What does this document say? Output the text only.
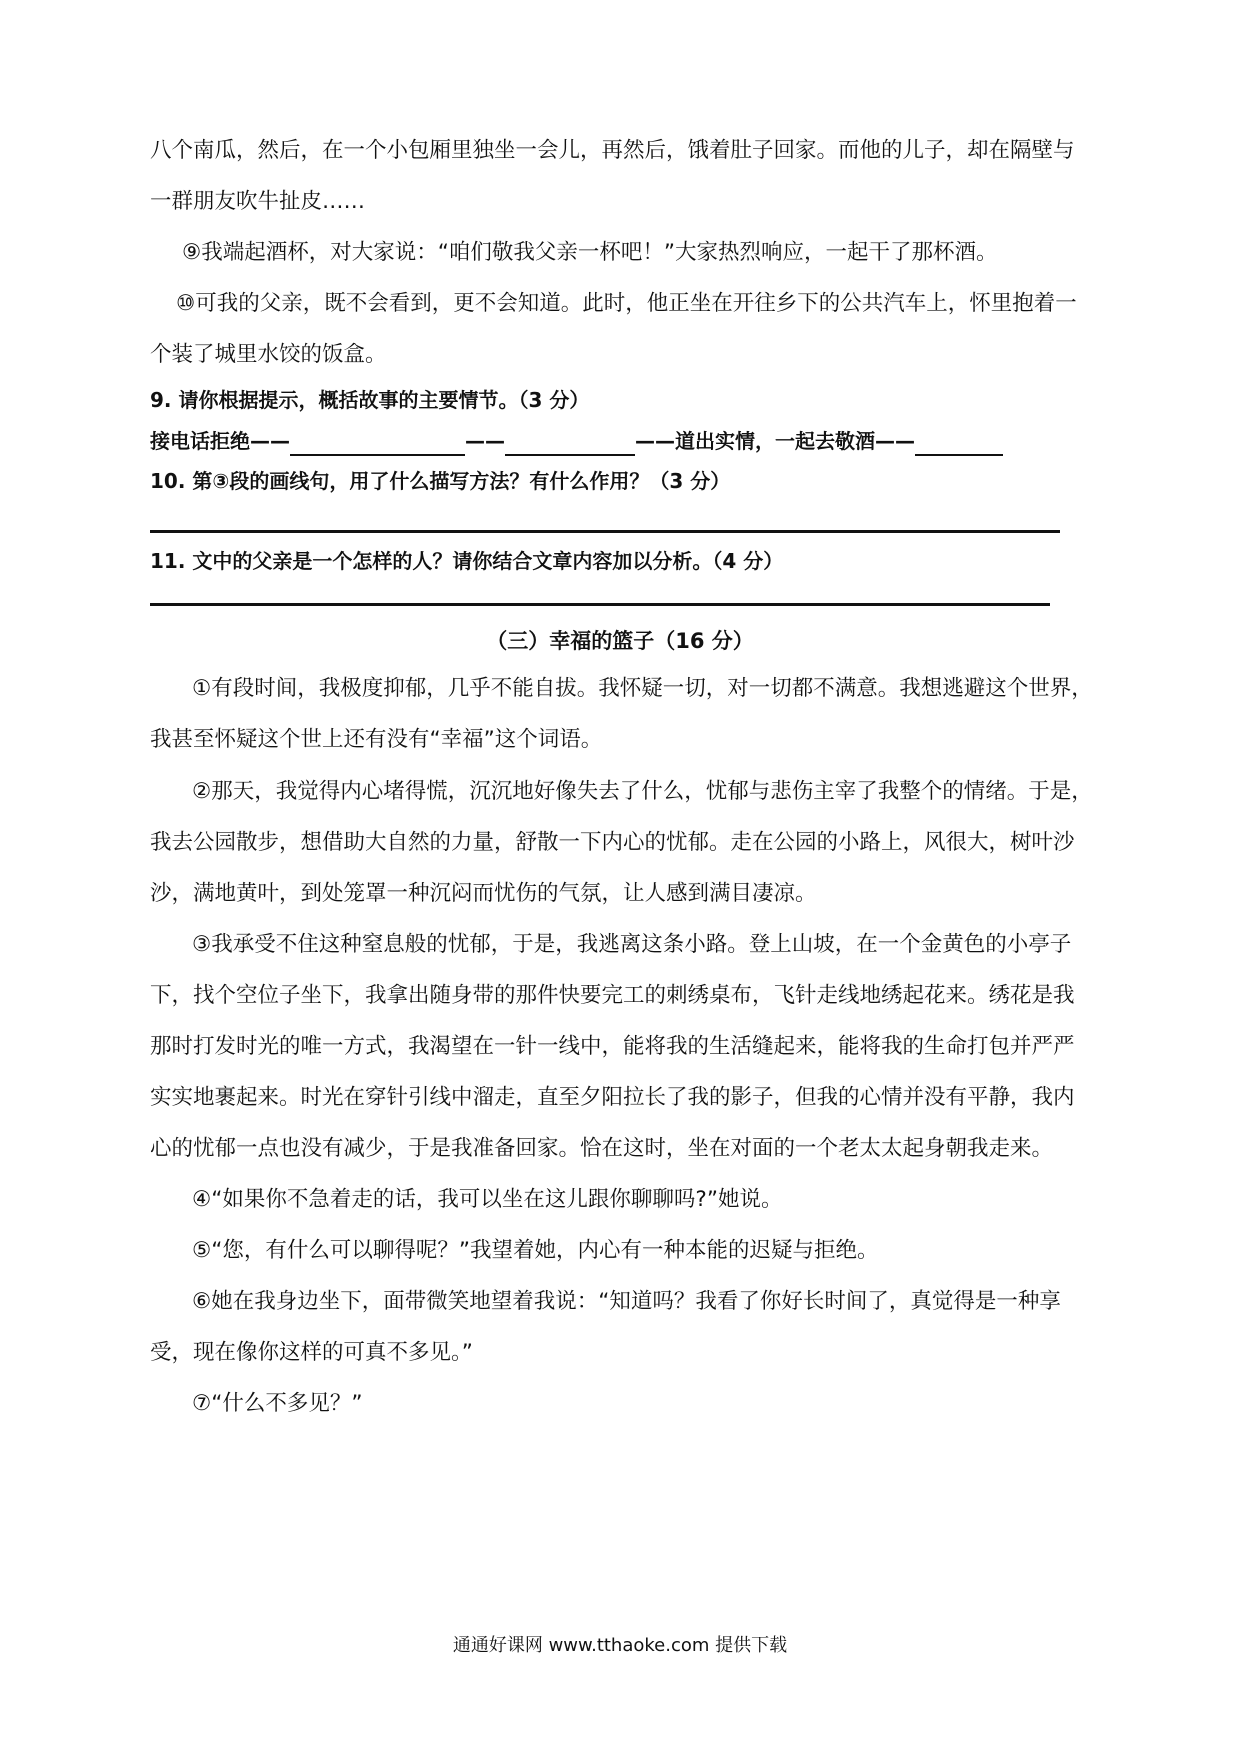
八个南瓜，然后，在一个小包厢里独坐一会儿，再然后，饿着肚子回家。而他的儿子，却在隔壁与
一群朋友吹牛扯皮……
⑨我端起酒杯，对大家说：“咱们敬我父亲一杯吧！”大家热烈响应，一起干了那杯酒。
⑩可我的父亲，既不会看到，更不会知道。此时，他正坐在开往乡下的公共汽车上，怀里抱着一
个装了城里水饺的饭盒。
9. 请你根据提示，概括故事的主要情节。（3 分）
接电话拒绝——	——	——道出实情，一起去敬酒——
10. 第③段的画线句，用了什么描写方法？有什么作用？（3 分）
11. 文中的父亲是一个怎样的人？请你结合文章内容加以分析。（4 分）
（三）幸福的篮子（16 分）
①有段时间，我极度抑郁，几乎不能自拔。我怀疑一切，对一切都不满意。我想逃避这个世界，
我甚至怀疑这个世上还有没有“幸福”这个词语。
②那天，我觉得内心堵得慌，沉沉地好像失去了什么，忧郁与悲伤主宰了我整个的情绪。于是，
我去公园散步，想借助大自然的力量，舒散一下内心的忧郁。走在公园的小路上，风很大，树叶沙
沙，满地黄叶，到处笼罩一种沉闷而忧伤的气氛，让人感到满目凄凉。
③我承受不住这种窒息般的忧郁，于是，我逃离这条小路。登上山坡，在一个金黄色的小亭子
下，找个空位子坐下，我拿出随身带的那件快要完工的刺绣桌布，飞针走线地绣起花来。绣花是我
那时打发时光的唯一方式，我渴望在一针一线中，能将我的生活缝起来，能将我的生命打包并严严
实实地裹起来。时光在穿针引线中溜走，直至夕阳拉长了我的影子，但我的心情并没有平静，我内
心的忧郁一点也没有减少，于是我准备回家。恰在这时，坐在对面的一个老太太起身朝我走来。
④“如果你不急着走的话，我可以坐在这儿跟你聊聊吗?”她说。
⑤“您，有什么可以聊得呢？”我望着她，内心有一种本能的迟疑与拒绝。
⑥她在我身边坐下，面带微笑地望着我说：“知道吗？我看了你好长时间了，真觉得是一种享
受，现在像你这样的可真不多见。”
⑦“什么不多见？”
通通好课网 www.tthaoke.com 提供下载
